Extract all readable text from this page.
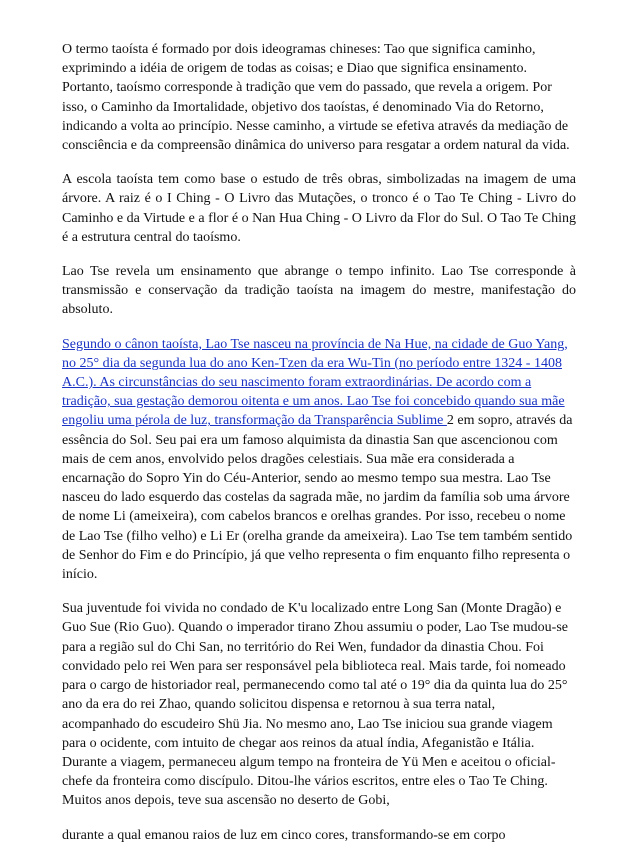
O termo taoísta é formado por dois ideogramas chineses: Tao que significa caminho, exprimindo a idéia de origem de todas as coisas; e Diao que significa ensinamento. Portanto, taoísmo corresponde à tradição que vem do passado, que revela a origem. Por isso, o Caminho da Imortalidade, objetivo dos taoístas, é denominado Via do Retorno, indicando a volta ao princípio. Nesse caminho, a virtude se efetiva através da mediação de consciência e da compreensão dinâmica do universo para resgatar a ordem natural da vida.

A escola taoísta tem como base o estudo de três obras, simbolizadas na imagem de uma árvore. A raiz é o I Ching - O Livro das Mutações, o tronco é o Tao Te Ching - Livro do Caminho e da Virtude e a flor é o Nan Hua Ching - O Livro da Flor do Sul. O Tao Te Ching é a estrutura central do taoísmo.

Lao Tse revela um ensinamento que abrange o tempo infinito. Lao Tse corresponde à transmissão e conservação da tradição taoísta na imagem do mestre, manifestação do absoluto.

Segundo o cânon taoísta, Lao Tse nasceu na província de Na Hue, na cidade de Guo Yang, no 25° dia da segunda lua do ano Ken-Tzen da era Wu-Tin (no período entre 1324 - 1408 A.C.). As circunstâncias do seu nascimento foram extraordinárias. De acordo com a tradição, sua gestação demorou oitenta e um anos. Lao Tse foi concebido quando sua mãe engoliu uma pérola de luz, transformação da Transparência Sublime 2 em sopro, através da essência do Sol. Seu pai era um famoso alquimista da dinastia San que ascencionou com mais de cem anos, envolvido pelos dragões celestiais. Sua mãe era considerada a encarnação do Sopro Yin do Céu-Anterior, sendo ao mesmo tempo sua mestra. Lao Tse nasceu do lado esquerdo das costelas da sagrada mãe, no jardim da família sob uma árvore de nome Li (ameixeira), com cabelos brancos e orelhas grandes. Por isso, recebeu o nome de Lao Tse (filho velho) e Li Er (orelha grande da ameixeira). Lao Tse tem também sentido de Senhor do Fim e do Princípio, já que velho representa o fim enquanto filho representa o início.

Sua juventude foi vivida no condado de K'u localizado entre Long San (Monte Dragão) e Guo Sue (Rio Guo). Quando o imperador tirano Zhou assumiu o poder, Lao Tse mudou-se para a região sul do Chi San, no território do Rei Wen, fundador da dinastia Chou. Foi convidado pelo rei Wen para ser responsável pela biblioteca real. Mais tarde, foi nomeado para o cargo de historiador real, permanecendo como tal até o 19° dia da quinta lua do 25° ano da era do rei Zhao, quando solicitou dispensa e retornou à sua terra natal, acompanhado do escudeiro Shü Jia. No mesmo ano, Lao Tse iniciou sua grande viagem para o ocidente, com intuito de chegar aos reinos da atual índia, Afeganistão e Itália. Durante a viagem, permaneceu algum tempo na fronteira de Yü Men e aceitou o oficial-chefe da fronteira como discípulo. Ditou-lhe vários escritos, entre eles o Tao Te Ching. Muitos anos depois, teve sua ascensão no deserto de Gobi,

durante a qual emanou raios de luz em cinco cores, transformando-se em corpo
